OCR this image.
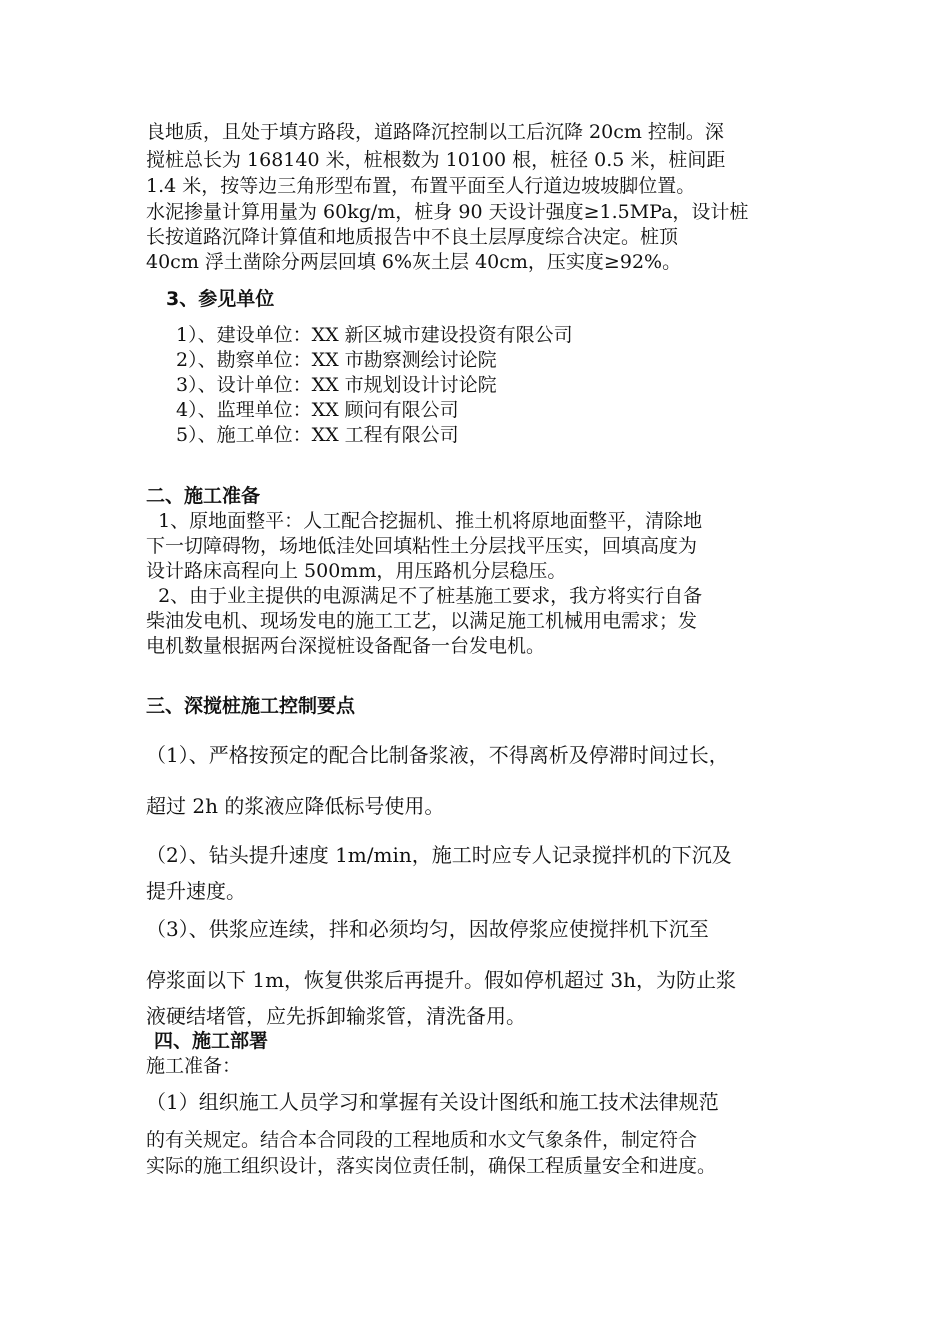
良地质，且处于填方路段，道路降沉控制以工后沉降 20cm 控制。深
搅桩总长为 168140 米，桩根数为 10100 根，桩径 0.5 米，桩间距
1.4 米，按等边三角形型布置，布置平面至人行道边坡坡脚位置。
水泥掺量计算用量为 60kg/m，桩身 90 天设计强度≥1.5MPa，设计桩
长按道路沉降计算值和地质报告中不良土层厚度综合决定。桩顶
40cm 浮土凿除分两层回填 6%灰土层 40cm，压实度≥92%。
3、参见单位
1）、建设单位：XX 新区城市建设投资有限公司
2）、勘察单位：XX 市勘察测绘讨论院
3）、设计单位：XX 市规划设计讨论院
4）、监理单位：XX 顾问有限公司
5）、施工单位：XX 工程有限公司
二、施工准备
1、原地面整平：人工配合挖掘机、推土机将原地面整平，清除地
下一切障碍物，场地低洼处回填粘性土分层找平压实，回填高度为
设计路床高程向上 500mm，用压路机分层稳压。
2、由于业主提供的电源满足不了桩基施工要求，我方将实行自备
柴油发电机、现场发电的施工工艺，以满足施工机械用电需求；发
电机数量根据两台深搅桩设备配备一台发电机。
三、深搅桩施工控制要点
（1）、严格按预定的配合比制备浆液，不得离析及停滞时间过长，
超过 2h 的浆液应降低标号使用。
（2）、钻头提升速度 1m/min，施工时应专人记录搅拌机的下沉及
提升速度。
（3）、供浆应连续，拌和必须均匀，因故停浆应使搅拌机下沉至
停浆面以下 1m，恢复供浆后再提升。假如停机超过 3h，为防止浆
液硬结堵管，应先拆卸输浆管，清洗备用。
四、施工部署
施工准备：
（1）组织施工人员学习和掌握有关设计图纸和施工技术法律规范
的有关规定。结合本合同段的工程地质和水文气象条件，制定符合
实际的施工组织设计，落实岗位责任制，确保工程质量安全和进度。
